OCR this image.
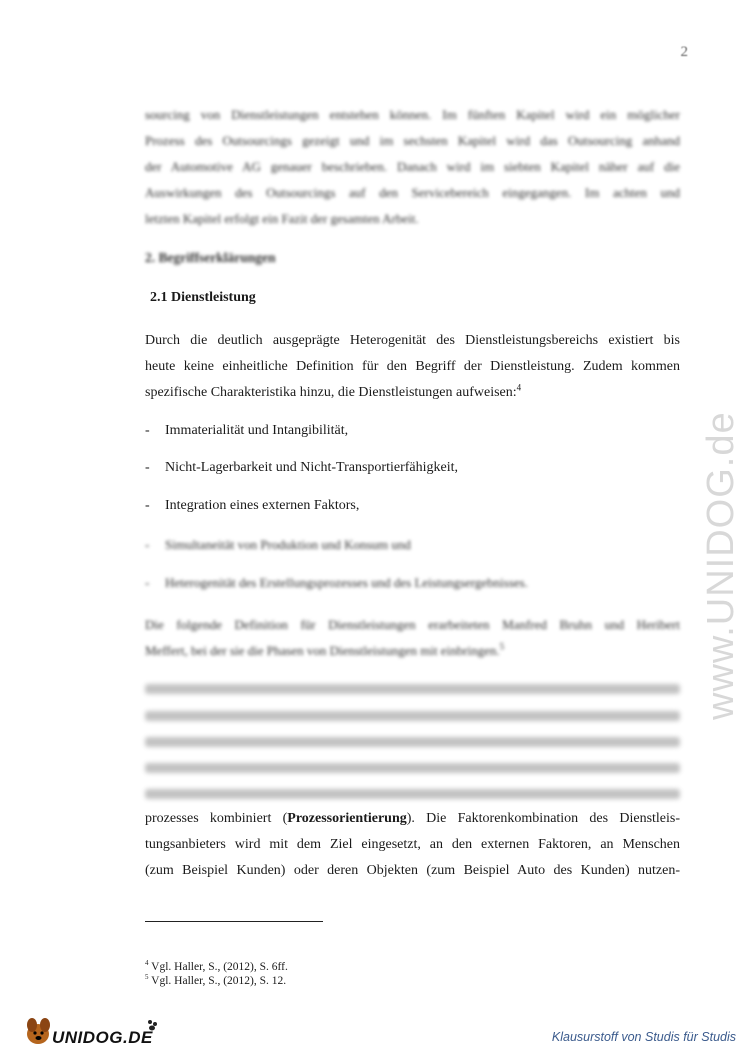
2
sourcing von Dienstleistungen entstehen können. Im fünften Kapitel wird ein möglicher
Prozess des Outsourcings gezeigt und im sechsten Kapitel wird das Outsourcing anhand
der Automotive AG genauer beschrieben. Danach wird im siebten Kapitel näher auf die
Auswirkungen des Outsourcings auf den Servicebereich eingegangen. Im achten und
letzten Kapitel erfolgt ein Fazit der gesamten Arbeit.
2. Begriffserklärungen
2.1 Dienstleistung
Durch die deutlich ausgeprägte Heterogenität des Dienstleistungsbereichs existiert bis
heute keine einheitliche Definition für den Begriff der Dienstleistung. Zudem kommen
spezifische Charakteristika hinzu, die Dienstleistungen aufweisen:$^4$
- Immaterialität und Intangibilität,
- Nicht-Lagerbarkeit und Nicht-Transportierfähigkeit,
- Integration eines externen Faktors,
- Simultaneität von Produktion und Konsum und
- Heterogenität des Erstellungsprozesses und des Leistungsergebnisses.
Die folgende Definition für Dienstleistungen erarbeiteten Manfred Bruhn und Heribert
Meffert, bei der sie die Phasen von Dienstleistungen mit einbringen.$^5$
prozesses kombiniert (Prozessorientierung). Die Faktorenkombination des Dienstleis-
tungsanbieters wird mit dem Ziel eingesetzt, an den externen Faktoren, an Menschen
(zum Beispiel Kunden) oder deren Objekten (zum Beispiel Auto des Kunden) nutzen-
$^4$ Vgl. Haller, S., (2012), S. 6ff.
$^5$ Vgl. Haller, S., (2012), S. 12.
www.UNIDOG.de
UNIDOG.DE	Klausurstoff von Studis für Studis
